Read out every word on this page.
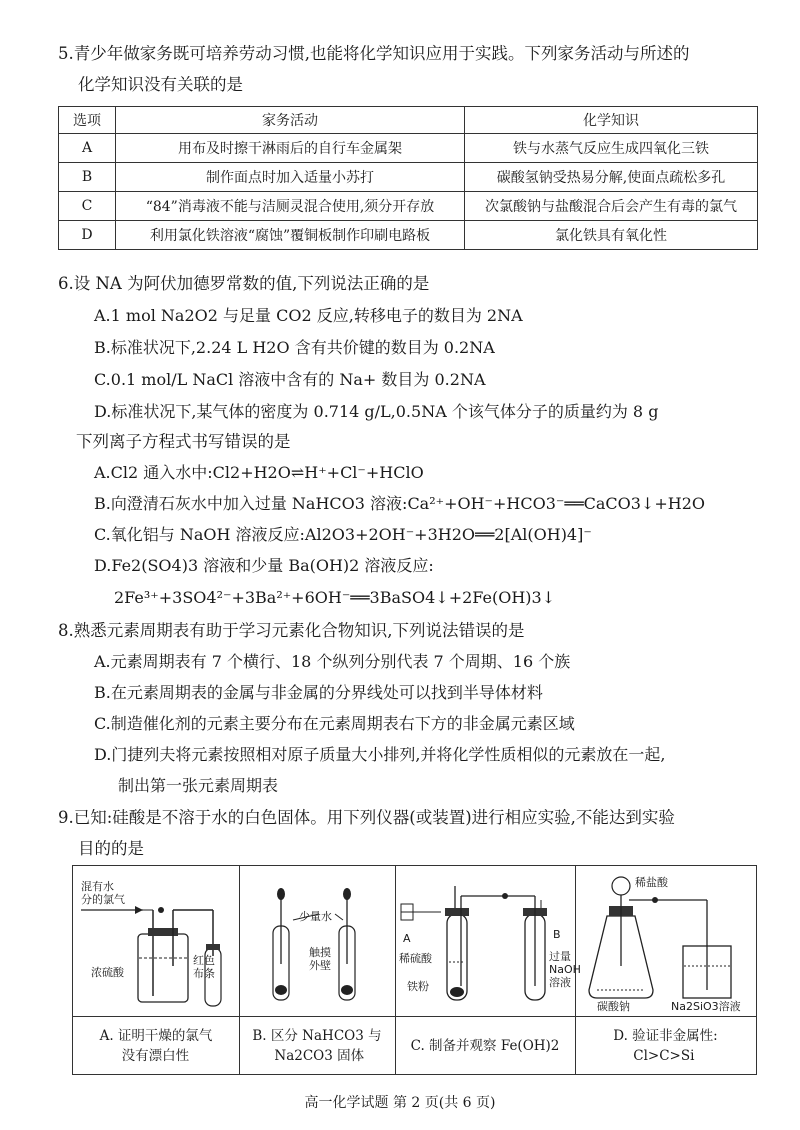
5.青少年做家务既可培养劳动习惯,也能将化学知识应用于实践。下列家务活动与所述的

化学知识没有关联的是

选项	家务活动	化学知识
A	用布及时擦干淋雨后的自行车金属架	铁与水蒸气反应生成四氧化三铁
B	制作面点时加入适量小苏打	碳酸氢钠受热易分解,使面点疏松多孔
C	“84”消毒液不能与洁厕灵混合使用,须分开存放	次氯酸钠与盐酸混合后会产生有毒的氯气
D	利用氯化铁溶液“腐蚀”覆铜板制作印刷电路板	氯化铁具有氧化性
6.设 NA 为阿伏加德罗常数的值,下列说法正确的是
A.1 mol Na2O2 与足量 CO2 反应,转移电子的数目为 2NA
B.标准状况下,2.24 L H2O 含有共价键的数目为 0.2NA
C.0.1 mol/L NaCl 溶液中含有的 Na+ 数目为 0.2NA
D.标准状况下,某气体的密度为 0.714 g/L,0.5NA 个该气体分子的质量约为 8 g
下列离子方程式书写错误的是
A.Cl2 通入水中:Cl2+H2O⇌H⁺+Cl⁻+HClO
B.向澄清石灰水中加入过量 NaHCO3 溶液:Ca²⁺+OH⁻+HCO3⁻══CaCO3↓+H2O
C.氧化铝与 NaOH 溶液反应:Al2O3+2OH⁻+3H2O══2[Al(OH)4]⁻
D.Fe2(SO4)3 溶液和少量 Ba(OH)2 溶液反应:
2Fe³⁺+3SO4²⁻+3Ba²⁺+6OH⁻══3BaSO4↓+2Fe(OH)3↓
8.熟悉元素周期表有助于学习元素化合物知识,下列说法错误的是
A.元素周期表有 7 个横行、18 个纵列分别代表 7 个周期、16 个族
B.在元素周期表的金属与非金属的分界线处可以找到半导体材料
C.制造催化剂的元素主要分布在元素周期表右下方的非金属元素区域
D.门捷列夫将元素按照相对原子质量大小排列,并将化学性质相似的元素放在一起,
制出第一张元素周期表

9.已知:硅酸是不溶于水的白色固体。用下列仪器(或装置)进行相应实验,不能达到实验

目的的是

混有水
分的氯气
浓硫酸
红色
布条
A. 证明干燥的氯气
没有漂白性
少量水
触摸
外壁
B. 区分 NaHCO3 与
Na2CO3 固体
A	B
稀硫酸
铁粉
过量
NaOH
溶液
C. 制备并观察 Fe(OH)2
稀盐酸
碳酸钠	Na2SiO3溶液
D. 验证非金属性:
Cl>C>Si
高一化学试题 第 2 页(共 6 页)
